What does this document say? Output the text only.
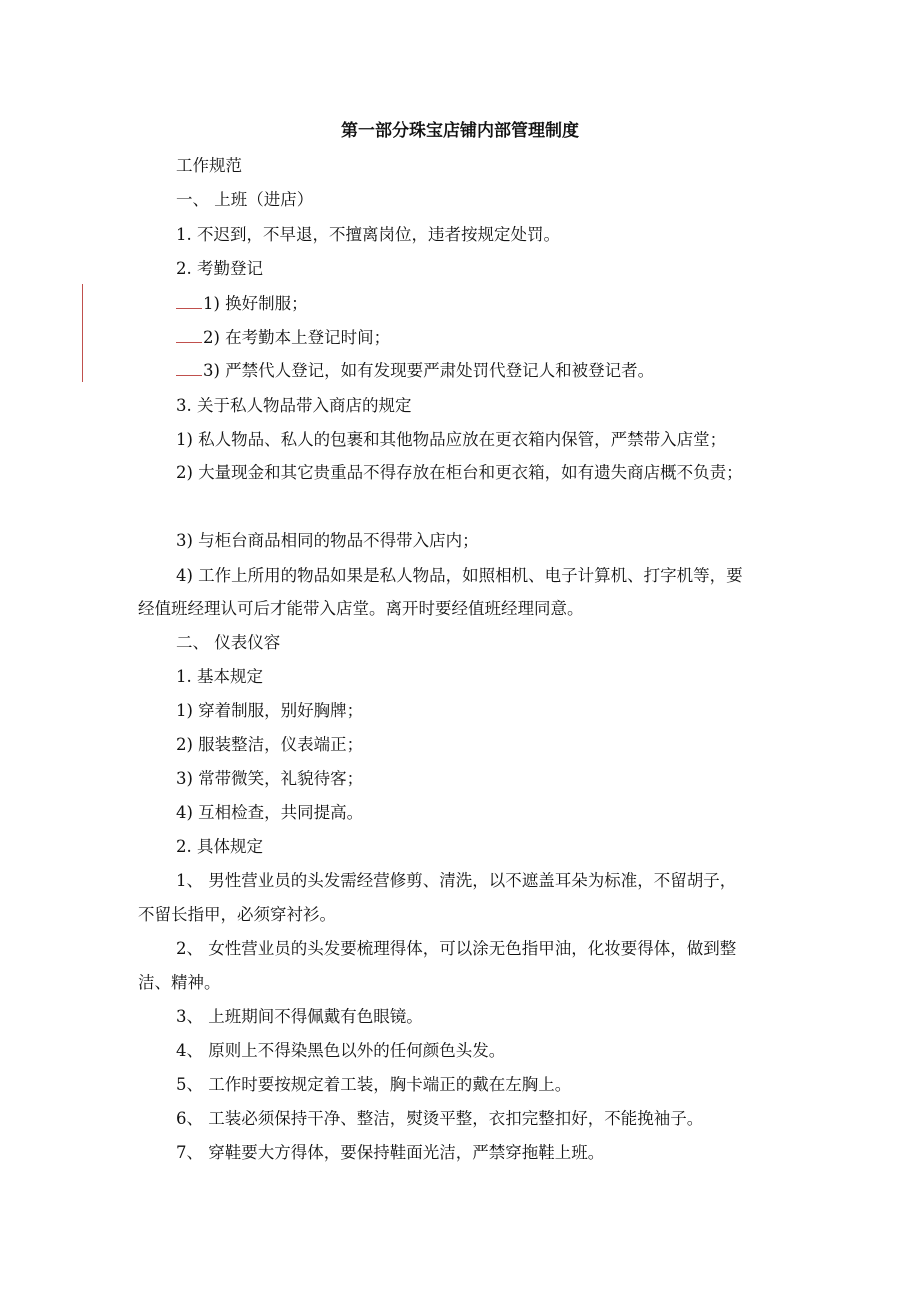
第一部分珠宝店铺内部管理制度
工作规范
一、 上班（进店）
1. 不迟到，不早退，不擅离岗位，违者按规定处罚。
2. 考勤登记
1) 换好制服；
2) 在考勤本上登记时间；
3) 严禁代人登记，如有发现要严肃处罚代登记人和被登记者。
3. 关于私人物品带入商店的规定
1) 私人物品、私人的包裹和其他物品应放在更衣箱内保管，严禁带入店堂；
2) 大量现金和其它贵重品不得存放在柜台和更衣箱，如有遗失商店概不负责；
3) 与柜台商品相同的物品不得带入店内；
4) 工作上所用的物品如果是私人物品，如照相机、电子计算机、打字机等，要
经值班经理认可后才能带入店堂。离开时要经值班经理同意。
二、 仪表仪容
1. 基本规定
1) 穿着制服，别好胸牌；
2) 服装整洁，仪表端正；
3) 常带微笑，礼貌待客；
4) 互相检查，共同提高。
2. 具体规定
1、 男性营业员的头发需经营修剪、清洗，以不遮盖耳朵为标准，不留胡子，
不留长指甲，必须穿衬衫。
2、 女性营业员的头发要梳理得体，可以涂无色指甲油，化妆要得体，做到整
洁、精神。
3、 上班期间不得佩戴有色眼镜。
4、 原则上不得染黑色以外的任何颜色头发。
5、 工作时要按规定着工装，胸卡端正的戴在左胸上。
6、 工装必须保持干净、整洁，熨烫平整，衣扣完整扣好，不能挽袖子。
7、 穿鞋要大方得体，要保持鞋面光洁，严禁穿拖鞋上班。
